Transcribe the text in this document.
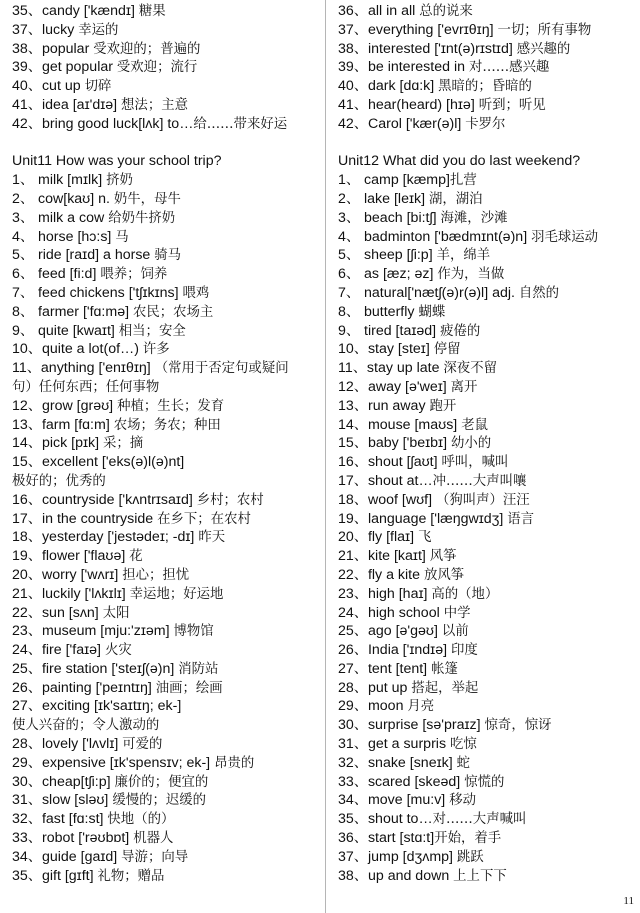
35、candy ['kændɪ] 糖果
37、lucky 幸运的
38、popular 受欢迎的；普遍的
39、get popular 受欢迎；流行
40、cut up 切碎
41、idea [aɪ'dɪə] 想法；主意
42、bring good luck[lʌk] to…给……带来好运
Unit11 How was your school trip?
1、 milk [mɪlk] 挤奶
2、 cow[kaʊ] n. 奶牛，母牛
3、 milk a cow 给奶牛挤奶
4、 horse [hɔ:s] 马
5、 ride [raɪd] a horse 骑马
6、 feed [fi:d] 喂养；饲养
7、 feed chickens ['tʃɪkɪns] 喂鸡
8、 farmer ['fɑ:mə] 农民；农场主
9、 quite [kwaɪt] 相当；安全
10、quite a lot(of…) 许多
11、anything ['enɪθɪŋ] （常用于否定句或疑问
句）任何东西；任何事物
12、grow [grəʊ] 种植；生长；发育
13、farm [fɑ:m] 农场；务农；种田
14、pick [pɪk] 采；摘
15、excellent ['eks(ə)l(ə)nt]
极好的；优秀的
16、countryside ['kʌntrɪsaɪd] 乡村；农村
17、in the countryside 在乡下；在农村
18、yesterday ['jestədeɪ; -dɪ] 昨天
19、flower ['flaʊə] 花
20、worry ['wʌrɪ] 担心；担忧
21、luckily ['lʌkɪlɪ] 幸运地；好运地
22、sun [sʌn] 太阳
23、museum [mju:'zɪəm] 博物馆
24、fire ['faɪə] 火灾
25、fire station ['steɪʃ(ə)n] 消防站
26、painting ['peɪntɪŋ] 油画；绘画
27、exciting [ɪk'saɪtɪŋ; ek-]
使人兴奋的；令人激动的
28、lovely ['lʌvlɪ] 可爱的
29、expensive [ɪk'spensɪv; ek-] 昂贵的
30、cheap[tʃi:p] 廉价的；便宜的
31、slow [sləʊ] 缓慢的；迟缓的
32、fast [fɑ:st] 快地（的）
33、robot ['rəʊbɒt] 机器人
34、guide [gaɪd] 导游；向导
35、gift [gɪft] 礼物；赠品
36、all in all 总的说来
37、everything ['evrɪθɪŋ] 一切；所有事物
38、interested ['ɪnt(ə)rɪstɪd] 感兴趣的
39、be interested in 对……感兴趣
40、dark [dɑ:k] 黑暗的；昏暗的
41、hear(heard) [hɪə] 听到；听见
42、Carol ['kær(ə)l] 卡罗尔
Unit12 What did you do last weekend?
1、 camp [kæmp]扎营
2、 lake [leɪk] 湖，湖泊
3、 beach [bi:tʃ] 海滩，沙滩
4、 badminton ['bædmɪnt(ə)n] 羽毛球运动
5、 sheep [ʃi:p] 羊，绵羊
6、 as [æz; əz] 作为，当做
7、 natural['nætʃ(ə)r(ə)l] adj. 自然的
8、 butterfly 蝴蝶
9、 tired [taɪəd] 疲倦的
10、stay [steɪ] 停留
11、stay up late 深夜不留
12、away [ə'weɪ] 离开
13、run away 跑开
14、mouse [maʊs] 老鼠
15、baby ['beɪbɪ] 幼小的
16、shout [ʃaʊt] 呼叫，喊叫
17、shout at…冲……大声叫嚷
18、woof [wʊf] （狗叫声）汪汪
19、language ['læŋgwɪdʒ] 语言
20、fly [flaɪ] 飞
21、kite [kaɪt] 风筝
22、fly a kite 放风筝
23、high [haɪ] 高的（地）
24、high school 中学
25、ago [ə'gəʊ] 以前
26、India ['ɪndɪə] 印度
27、tent [tent] 帐篷
28、put up 搭起，举起
29、moon 月亮
30、surprise [sə'praɪz] 惊奇，惊讶
31、get a surpris 吃惊
32、snake [sneɪk] 蛇
33、scared [skeəd] 惊慌的
34、move [mu:v] 移动
35、shout to…对……大声喊叫
36、start [stɑ:t]开始，着手
37、jump [dʒʌmp] 跳跃
38、up and down 上上下下
11
